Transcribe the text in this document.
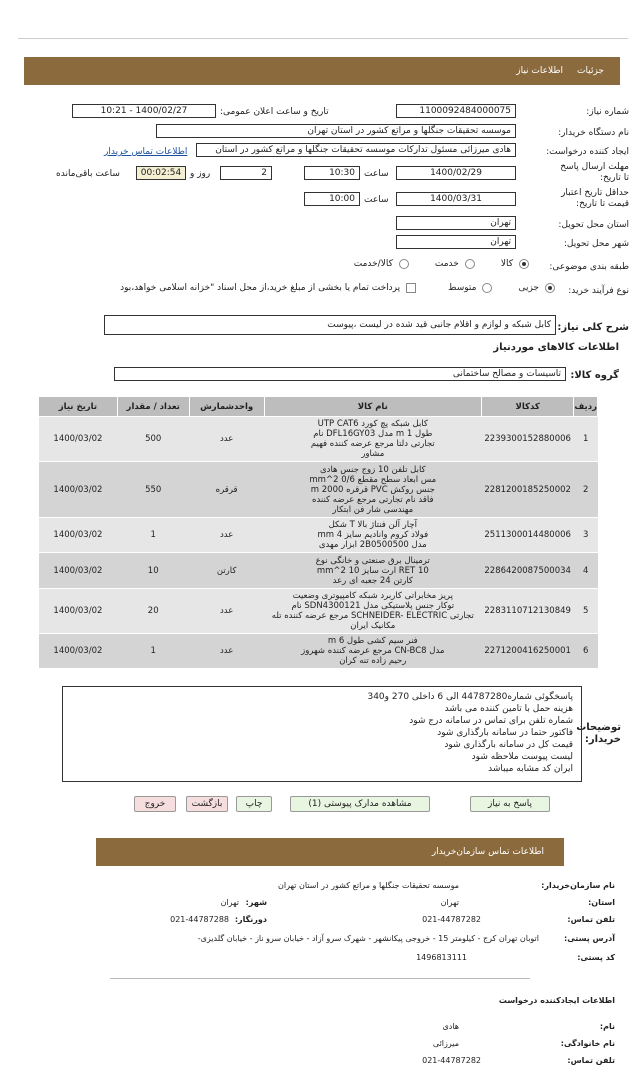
جزئیات
اطلاعات نیاز
شماره نیاز:
1100092484000075
تاریخ و ساعت اعلان عمومی:
1400/02/27 - 10:21
نام دستگاه خریدار:
موسسه تحقیقات جنگلها و مراتع کشور در استان تهران
ایجاد کننده درخواست:
هادی میرزائی مسئول تدارکات موسسه تحقیقات جنگلها و مراتع کشور در استان
اطلاعات تماس خریدار
مهلت ارسال پاسخ تا تاریخ:
1400/02/29
ساعت
10:30
2
روز و
00:02:54
ساعت باقی‌مانده
حداقل تاریخ اعتبار قیمت تا تاریخ:
1400/03/31
ساعت
10:00
استان محل تحویل:
تهران
شهر محل تحویل:
تهران
طبقه بندی موضوعی:
کالا
خدمت
کالا/خدمت
نوع فرآیند خرید:
جزیی
متوسط
پرداخت تمام یا بخشی از مبلغ خرید،از محل اسناد "خزانه اسلامی خواهد،بود
شرح کلی نیاز:
کابل شبکه و لوازم و اقلام جانبی قید شده در لیست ،پیوست
اطلاعات کالاهای موردنیاز
گروه کالا:
تاسیسات و مصالح ساختمانی
ردیف	کدکالا	نام کالا	واحدشمارش	تعداد / مقدار	تاریخ نیاز
1	2239300152880006	کابل شبکه پچ کورد UTP CAT6
طول 1 m مدل DFL16GY03 نام
تجارتی دلتا مرجع عرضه کننده فهیم
مشاور	عدد	500	1400/03/02
2	2281200185250002	کابل تلفن 10 زوج جنس هادی
مس ابعاد سطح مقطع 0/6 mm^2
جنس روکش PVC قرقره 2000 m
فاقد نام تجارتی مرجع عرضه کننده
مهندسی شار فن ابتکار	قرقره	550	1400/03/02
3	2511300014480006	آچار آلن فنتاژ بالا T شکل
فولاد کروم وانادیم سایز 4 mm
مدل 2B0500500 ابزار مهدی	عدد	1	1400/03/02
4	2286420087500034	ترمینال برق صنعتی و خانگی نوع
RET 10 ارت سایز 10 mm^2
کارتن 24 جعبه ای رعد	کارتن	10	1400/03/02
5	2283110712130849	پریز مخابراتی کاربرد شبکه کامپیوتری وضعیت
توکار جنس پلاستیکی مدل SDN4300121 نام
تجارتی SCHNEIDER- ELECTRIC مرجع عرضه کننده تله
مکانیک ایران	عدد	20	1400/03/02
6	2271200416250001	فنر سیم کشی طول 6 m
مدل CN-BC8 مرجع عرضه کننده شهروز
رحیم زاده تنه کران	عدد	1	1400/03/02
توضیحات خریدار:
پاسخگوئی شماره44787280 الی 6 داخلی 270 و340
هزینه حمل با تامین کننده می باشد
شماره تلفن برای تماس در سامانه درج شود
فاکتور حتما در سامانه بارگذاری شود
قیمت کل در سامانه بارگذاری شود
لیست پیوست ملاحظه شود
ایران کد مشابه میباشد
پاسخ به نیاز
مشاهده مدارک پیوستی (1)
چاپ
بازگشت
خروج
اطلاعات تماس سازمان‌خریدار
نام سازمان‌خریدار:
موسسه تحقیقات جنگلها و مراتع کشور در استان تهران
استان:
تهران
شهر:
تهران
تلفن تماس:
021-44787282
دورنگار:
021-44787288
آدرس پستی:
اتوبان تهران کرج - کیلومتر 15 - خروجی پیکانشهر - شهرک سرو آزاد - خیابان سرو ناز - خیابان گلدیزی-
کد پستی:
1496813111
اطلاعات ایجادکننده درخواست
نام:
هادی
نام خانوادگی:
میرزائی
تلفن تماس:
021-44787282
